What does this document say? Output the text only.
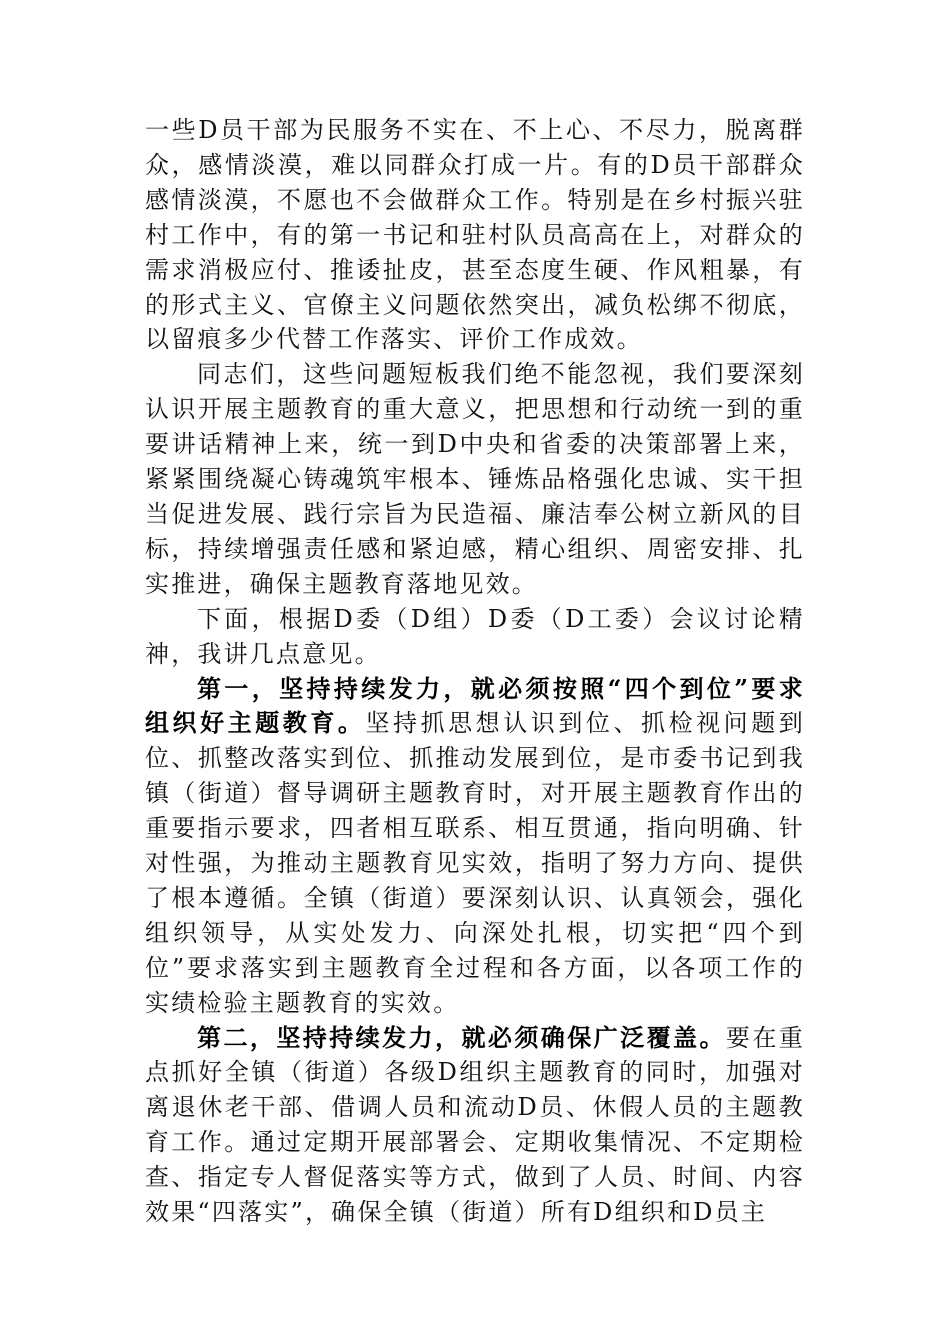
一些D员干部为民服务不实在、不上心、不尽力，脱离群众，感情淡漠，难以同群众打成一片。有的D员干部群众感情淡漠，不愿也不会做群众工作。特别是在乡村振兴驻村工作中，有的第一书记和驻村队员高高在上，对群众的需求消极应付、推诿扯皮，甚至态度生硬、作风粗暴，有的形式主义、官僚主义问题依然突出，减负松绑不彻底，以留痕多少代替工作落实、评价工作成效。

同志们，这些问题短板我们绝不能忽视，我们要深刻认识开展主题教育的重大意义，把思想和行动统一到的重要讲话精神上来，统一到D中央和省委的决策部署上来，紧紧围绕凝心铸魂筑牢根本、锤炼品格强化忠诚、实干担当促进发展、践行宗旨为民造福、廉洁奉公树立新风的目标，持续增强责任感和紧迫感，精心组织、周密安排、扎实推进，确保主题教育落地见效。

下面，根据D委（D组）D委（D工委）会议讨论精神，我讲几点意见。

第一，坚持持续发力，就必须按照“四个到位”要求组织好主题教育。坚持抓思想认识到位、抓检视问题到位、抓整改落实到位、抓推动发展到位，是市委书记到我镇（街道）督导调研主题教育时，对开展主题教育作出的重要指示要求，四者相互联系、相互贯通，指向明确、针对性强，为推动主题教育见实效，指明了努力方向、提供了根本遵循。全镇（街道）要深刻认识、认真领会，强化组织领导，从实处发力、向深处扎根，切实把“四个到位”要求落实到主题教育全过程和各方面，以各项工作的实绩检验主题教育的实效。

第二，坚持持续发力，就必须确保广泛覆盖。要在重点抓好全镇（街道）各级D组织主题教育的同时，加强对离退休老干部、借调人员和流动D员、休假人员的主题教育工作。通过定期开展部署会、定期收集情况、不定期检查、指定专人督促落实等方式，做到了人员、时间、内容效果“四落实”，确保全镇（街道）所有D组织和D员主
